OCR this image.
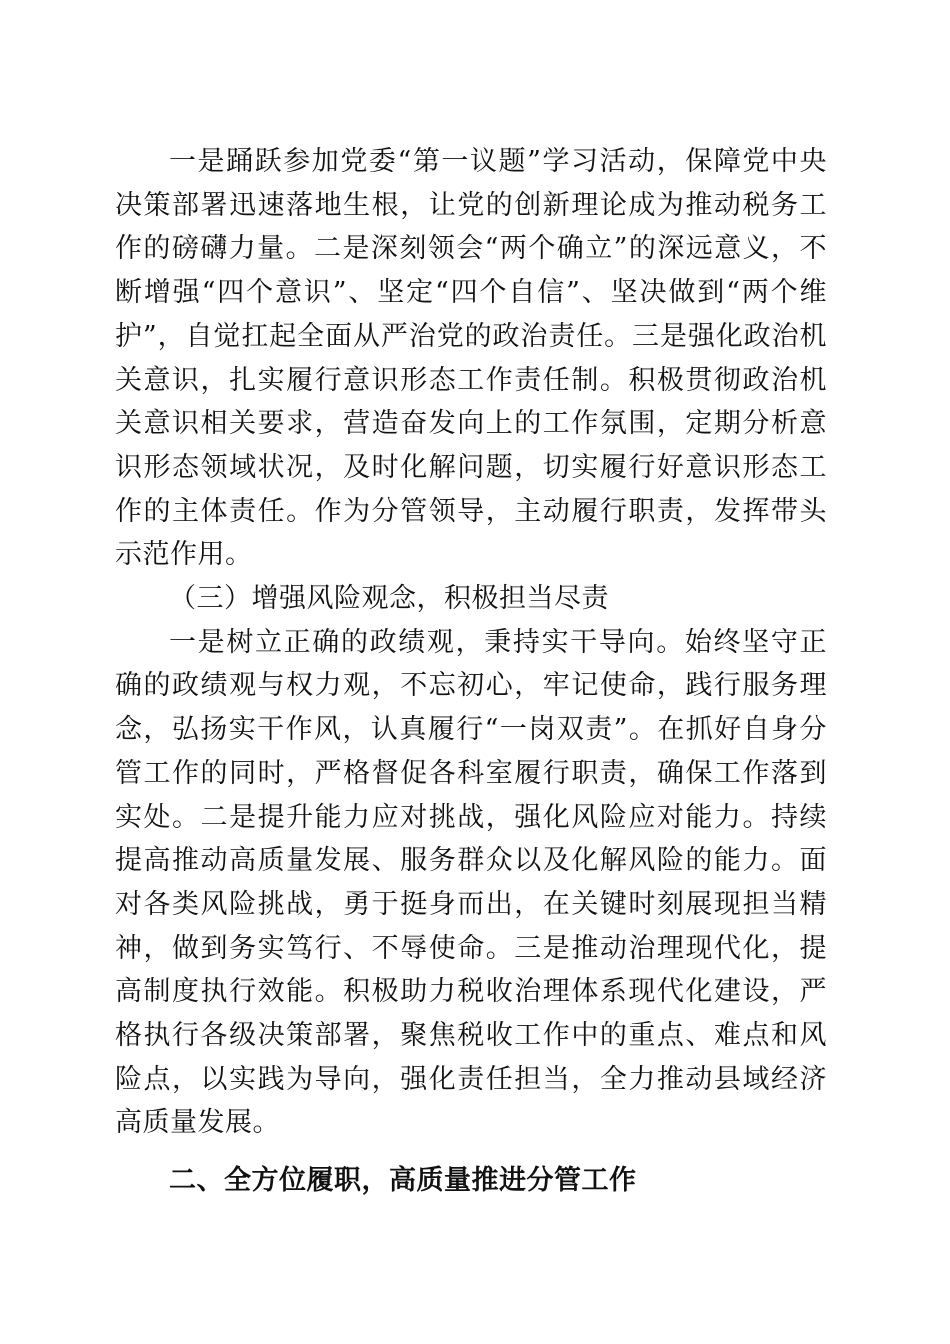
一是踊跃参加党委“第一议题”学习活动，保障党中央决策部署迅速落地生根，让党的创新理论成为推动税务工作的磅礴力量。二是深刻领会“两个确立”的深远意义，不断增强“四个意识”、坚定“四个自信”、坚决做到“两个维护”，自觉扛起全面从严治党的政治责任。三是强化政治机关意识，扎实履行意识形态工作责任制。积极贯彻政治机关意识相关要求，营造奋发向上的工作氛围，定期分析意识形态领域状况，及时化解问题，切实履行好意识形态工作的主体责任。作为分管领导，主动履行职责，发挥带头示范作用。

（三）增强风险观念，积极担当尽责

一是树立正确的政绩观，秉持实干导向。始终坚守正确的政绩观与权力观，不忘初心，牢记使命，践行服务理念，弘扬实干作风，认真履行“一岗双责”。在抓好自身分管工作的同时，严格督促各科室履行职责，确保工作落到实处。二是提升能力应对挑战，强化风险应对能力。持续提高推动高质量发展、服务群众以及化解风险的能力。面对各类风险挑战，勇于挺身而出，在关键时刻展现担当精神，做到务实笃行、不辱使命。三是推动治理现代化，提高制度执行效能。积极助力税收治理体系现代化建设，严格执行各级决策部署，聚焦税收工作中的重点、难点和风险点，以实践为导向，强化责任担当，全力推动县域经济高质量发展。

二、全方位履职，高质量推进分管工作
